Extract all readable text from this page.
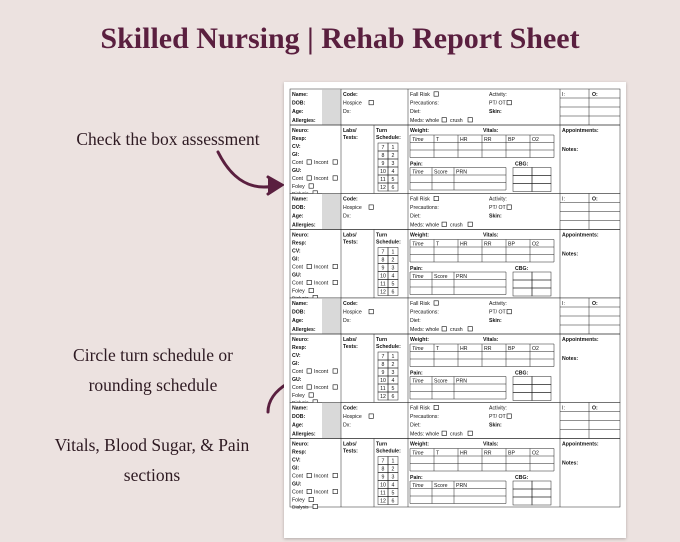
Skilled Nursing | Rehab Report Sheet
Check the box assessment
Circle turn schedule or
rounding schedule
Vitals, Blood Sugar, & Pain
sections
Name:
DOB:
Age:
Allergies:
Code:
Hospice
Dx:
Fall Risk
Precautions:
Diet:
Meds: whole crush
Activity:
PT/ OT
Skin:
I:	O:
Neuro:
Resp:
CV:
GI:
Cont Incont
GU:
Cont Incont
Foley
Labs/
Tests:
Turn
Schedule:
7 1
8 2
9 3
10 4
11 5
12 6
Weight:	Vitals:
Time T	HR	RR	BP	O2
Pain:
Time Score PRN
CBG:
Appointments:
Notes:
Name:
DOB:
Age:
Allergies:
Code:
Hospice
Dx:
Fall Risk
Precautions:
Diet:
Meds: whole crush
Activity:
PT/ OT
Skin:
I:	O:
Neuro:
Resp:
CV:
GI:
Cont Incont
GU:
Cont Incont
Foley
Labs/
Tests:
Turn
Schedule:
7 1
8 2
9 3
10 4
11 5
12 6
Weight:	Vitals:
Time T	HR	RR	BP	O2
Pain:
Time Score PRN
CBG:
Appointments:
Notes:
Name:
DOB:
Age:
Allergies:
Code:
Hospice
Dx:
Fall Risk
Precautions:
Diet:
Meds: whole crush
Activity:
PT/ OT
Skin:
I:	O:
Neuro:
Resp:
CV:
GI:
Cont Incont
GU:
Cont Incont
Foley
Labs/
Tests:
Turn
Schedule:
7 1
8 2
9 3
10 4
11 5
12 6
Weight:	Vitals:
Time T	HR	RR	BP	O2
Pain:
Time Score PRN
CBG:
Appointments:
Notes:
Name:
DOB:
Age:
Allergies:
Code:
Hospice
Dx:
Fall Risk
Precautions:
Diet:
Meds: whole crush
Activity:
PT/ OT
Skin:
I:	O:
Neuro:
Resp:
CV:
GI:
Cont Incont
GU:
Cont Incont
Foley
Dialysis
Labs/
Tests:
Turn
Schedule:
7 1
8 2
9 3
10 4
11 5
12 6
Weight:	Vitals:
Time T	HR	RR	BP	O2
Pain:
Time Score PRN
CBG:
Appointments:
Notes:
